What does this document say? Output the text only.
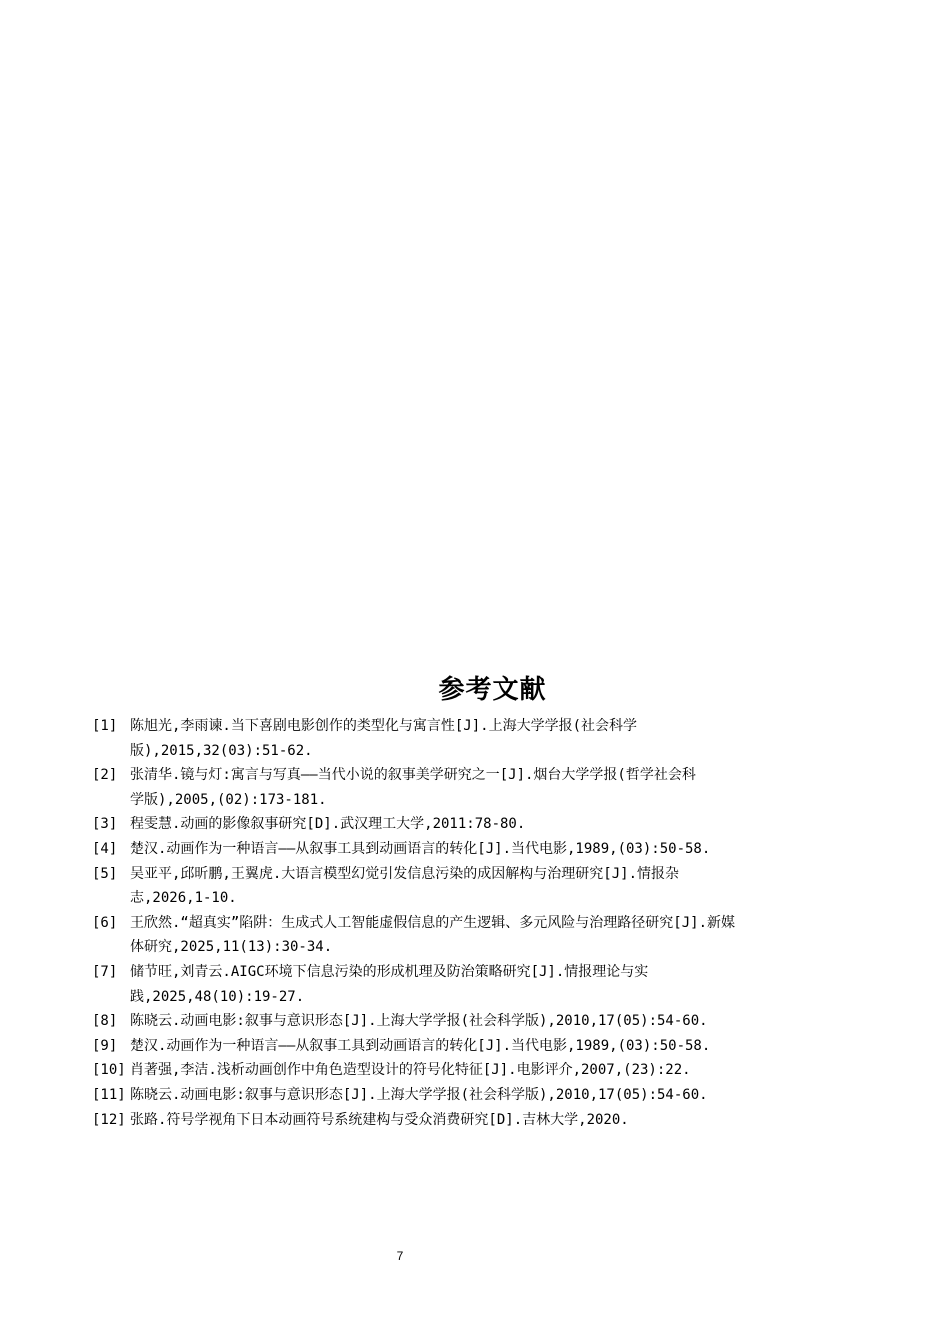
参考文献
[1] 陈旭光,李雨谏.当下喜剧电影创作的类型化与寓言性[J].上海大学学报(社会科学
版),2015,32(03):51-62.
[2] 张清华.镜与灯:寓言与写真——当代小说的叙事美学研究之一[J].烟台大学学报(哲学社会科
学版),2005,(02):173-181.
[3] 程雯慧.动画的影像叙事研究[D].武汉理工大学,2011:78-80.
[4] 楚汉.动画作为一种语言——从叙事工具到动画语言的转化[J].当代电影,1989,(03):50-58.
[5] 吴亚平,邱昕鹏,王翼虎.大语言模型幻觉引发信息污染的成因解构与治理研究[J].情报杂
志,2026,1-10.
[6] 王欣然.“超真实”陷阱：生成式人工智能虚假信息的产生逻辑、多元风险与治理路径研究[J].新媒
体研究,2025,11(13):30-34.
[7] 储节旺,刘青云.AIGC环境下信息污染的形成机理及防治策略研究[J].情报理论与实
践,2025,48(10):19-27.
[8] 陈晓云.动画电影:叙事与意识形态[J].上海大学学报(社会科学版),2010,17(05):54-60.
[9] 楚汉.动画作为一种语言——从叙事工具到动画语言的转化[J].当代电影,1989,(03):50-58.
[10] 肖著强,李洁.浅析动画创作中角色造型设计的符号化特征[J].电影评介,2007,(23):22.
[11] 陈晓云.动画电影:叙事与意识形态[J].上海大学学报(社会科学版),2010,17(05):54-60.
[12] 张路.符号学视角下日本动画符号系统建构与受众消费研究[D].吉林大学,2020.
7
